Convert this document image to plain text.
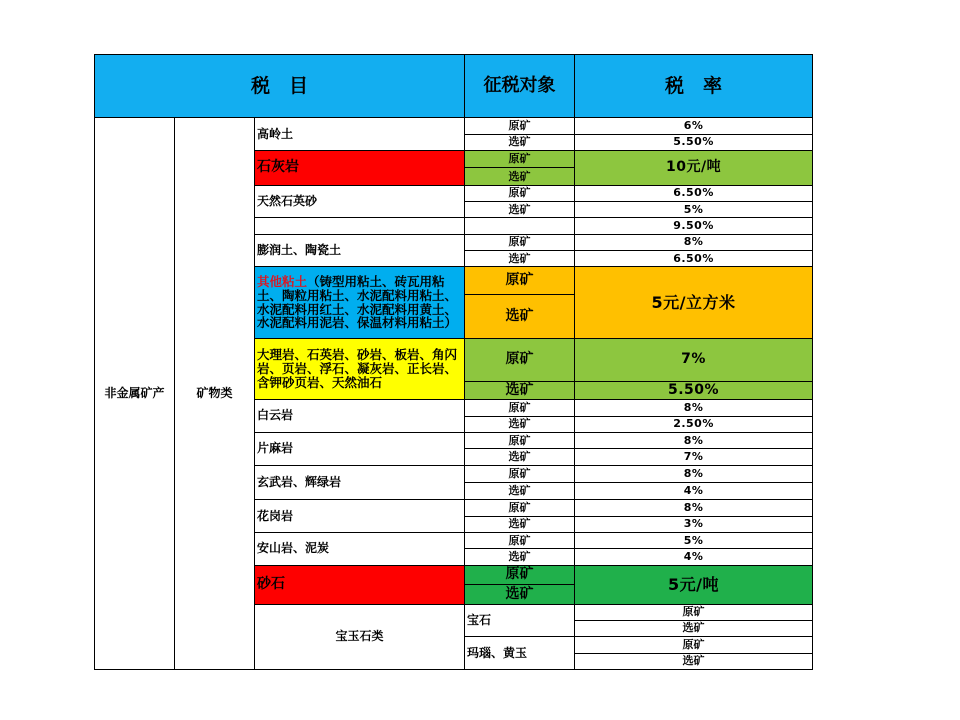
税　目			征税对象	税　率	
非金属矿产	矿物类	高岭土	原矿	6%	
			选矿	5.50%	
		石灰岩	原矿	10元/吨	
			选矿		
		天然石英砂	原矿	6.50%	
			选矿	5%	
				9.50%	
		膨润土、陶瓷土	原矿	8%	
			选矿	6.50%	
		其他粘土（铸型用粘土、砖瓦用粘土、陶粒用粘土、水泥配料用粘土、水泥配料用红土、水泥配料用黄土、水泥配料用泥岩、保温材料用粘土）	原矿	5元/立方米	
			选矿		
		大理岩、石英岩、砂岩、板岩、角闪岩、页岩、浮石、凝灰岩、正长岩、含钾砂页岩、天然油石	原矿	7%	
			选矿	5.50%	
		白云岩	原矿	8%	
			选矿	2.50%	
		片麻岩	原矿	8%	
			选矿	7%	
		玄武岩、辉绿岩	原矿	8%	
			选矿	4%	
		花岗岩	原矿	8%	
			选矿	3%	
		安山岩、泥炭	原矿	5%	
			选矿	4%	
		砂石	原矿	5元/吨	
			选矿		
		宝玉石类	宝石	原矿	
				选矿	
			玛瑙、黄玉	原矿	
				选矿	
